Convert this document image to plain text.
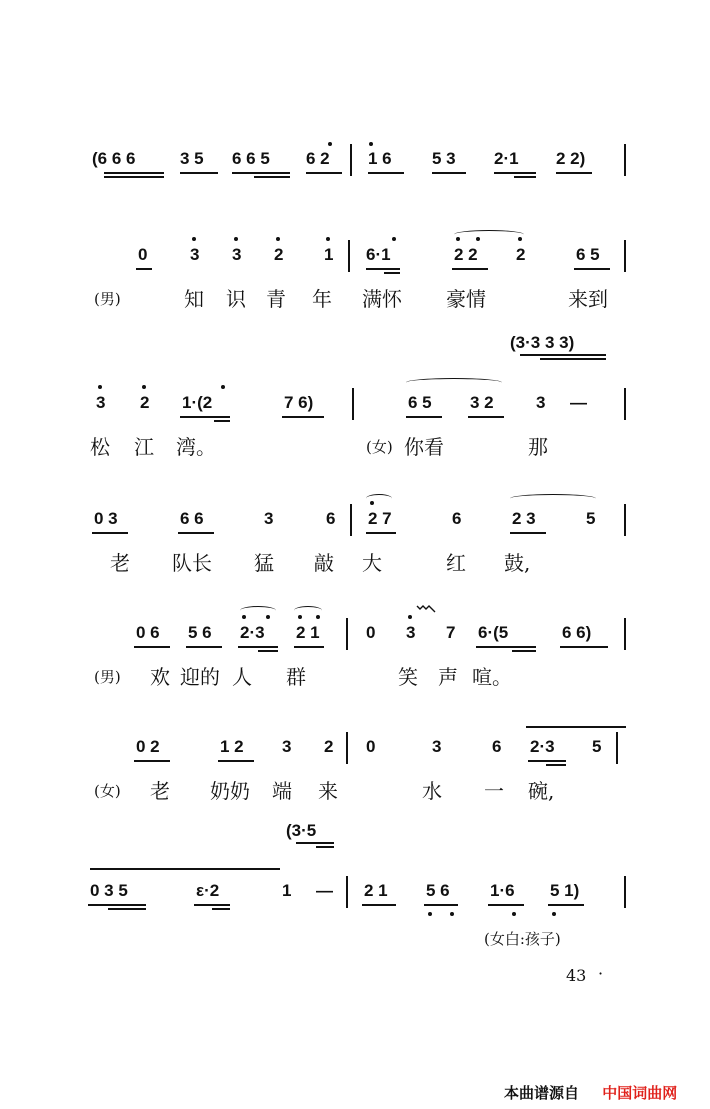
(6 6 6	3 5 6 6 5 6 2 1 6 5 3 2·1 2 2)
0	3 3 2 1 6·1	2 2 2	6 5
(男)	知 识 青 年 满怀 豪情	来到
(3·3 3 3)
3 2 1·(2	7 6)	6 5 3 2 3 —
松 江 湾。	(女) 你看	那
0 3	6 6	3	6 2 7	6	2 3	5
老 队长 猛 敲 大	红 鼓,
0 6 5 6 2·3 2 1	0 3 7 6·(5	6 6)
(男) 欢 迎的 人 群	笑 声 喧。
0 2	1 2 3 2 0	3	6 2·3 5
(女) 老 奶奶 端 来	水 一 碗,
(3·5
0 3 5	ε·2	1 — 2 1 5 6 1·6 5 1)
(女白:孩子)
43 ·
本曲谱源自 中国词曲网
